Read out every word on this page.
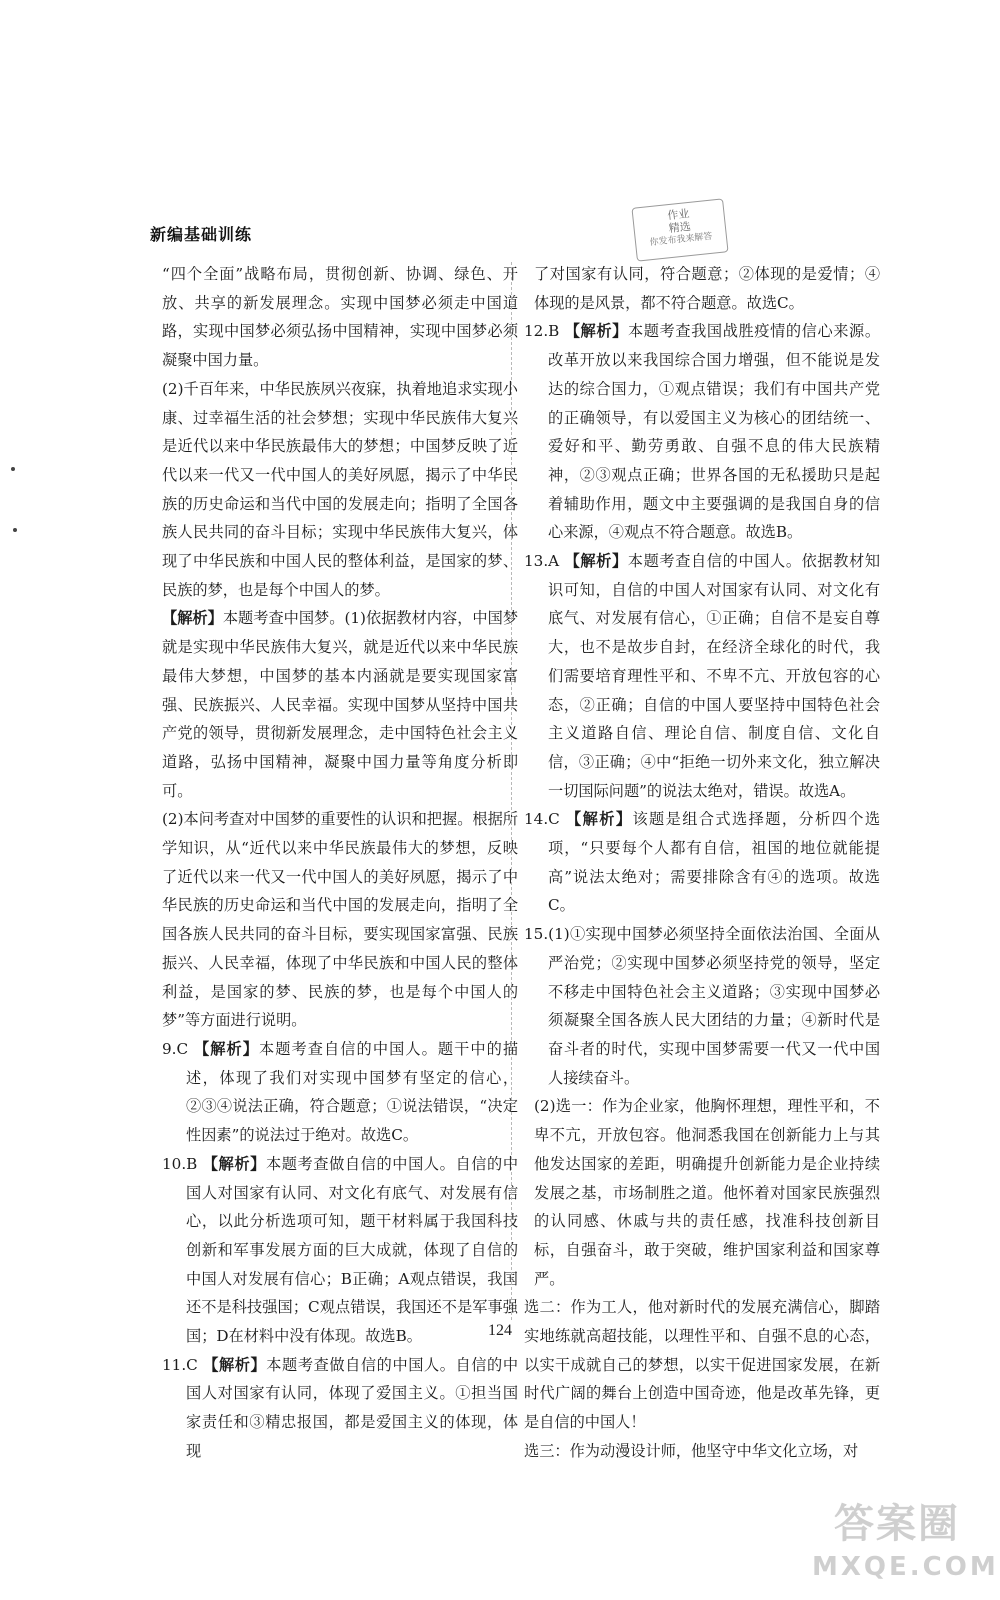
新编基础训练
作业
精选
你发布我来解答

“四个全面”战略布局，贯彻创新、协调、绿色、开放、共享的新发展理念。实现中国梦必须走中国道路，实现中国梦必须弘扬中国精神，实现中国梦必须凝聚中国力量。

(2)千百年来，中华民族夙兴夜寐，执着地追求实现小康、过幸福生活的社会梦想；实现中华民族伟大复兴是近代以来中华民族最伟大的梦想；中国梦反映了近代以来一代又一代中国人的美好夙愿，揭示了中华民族的历史命运和当代中国的发展走向；指明了全国各族人民共同的奋斗目标；实现中华民族伟大复兴，体现了中华民族和中国人民的整体利益，是国家的梦、民族的梦，也是每个中国人的梦。

【解析】本题考查中国梦。(1)依据教材内容，中国梦就是实现中华民族伟大复兴，就是近代以来中华民族最伟大梦想，中国梦的基本内涵就是要实现国家富强、民族振兴、人民幸福。实现中国梦从坚持中国共产党的领导，贯彻新发展理念，走中国特色社会主义道路，弘扬中国精神，凝聚中国力量等角度分析即可。

(2)本问考查对中国梦的重要性的认识和把握。根据所学知识，从“近代以来中华民族最伟大的梦想，反映了近代以来一代又一代中国人的美好夙愿，揭示了中华民族的历史命运和当代中国的发展走向，指明了全国各族人民共同的奋斗目标，要实现国家富强、民族振兴、人民幸福，体现了中华民族和中国人民的整体利益，是国家的梦、民族的梦，也是每个中国人的梦”等方面进行说明。

9.C 【解析】本题考查自信的中国人。题干中的描述，体现了我们对实现中国梦有坚定的信心，②③④说法正确，符合题意；①说法错误，“决定性因素”的说法过于绝对。故选C。

10.B 【解析】本题考查做自信的中国人。自信的中国人对国家有认同、对文化有底气、对发展有信心，以此分析选项可知，题干材料属于我国科技创新和军事发展方面的巨大成就，体现了自信的中国人对发展有信心；B正确；A观点错误，我国还不是科技强国；C观点错误，我国还不是军事强国；D在材料中没有体现。故选B。

11.C 【解析】本题考查做自信的中国人。自信的中国人对国家有认同，体现了爱国主义。①担当国家责任和③精忠报国，都是爱国主义的体现，体现

了对国家有认同，符合题意；②体现的是爱情；④体现的是风景，都不符合题意。故选C。

12.B 【解析】本题考查我国战胜疫情的信心来源。改革开放以来我国综合国力增强，但不能说是发达的综合国力，①观点错误；我们有中国共产党的正确领导，有以爱国主义为核心的团结统一、爱好和平、勤劳勇敢、自强不息的伟大民族精神，②③观点正确；世界各国的无私援助只是起着辅助作用，题文中主要强调的是我国自身的信心来源，④观点不符合题意。故选B。

13.A 【解析】本题考查自信的中国人。依据教材知识可知，自信的中国人对国家有认同、对文化有底气、对发展有信心，①正确；自信不是妄自尊大，也不是故步自封，在经济全球化的时代，我们需要培育理性平和、不卑不亢、开放包容的心态，②正确；自信的中国人要坚持中国特色社会主义道路自信、理论自信、制度自信、文化自信，③正确；④中“拒绝一切外来文化，独立解决一切国际问题”的说法太绝对，错误。故选A。

14.C 【解析】该题是组合式选择题，分析四个选项，“只要每个人都有自信，祖国的地位就能提高”说法太绝对；需要排除含有④的选项。故选C。

15.(1)①实现中国梦必须坚持全面依法治国、全面从严治党；②实现中国梦必须坚持党的领导，坚定不移走中国特色社会主义道路；③实现中国梦必须凝聚全国各族人民大团结的力量；④新时代是奋斗者的时代，实现中国梦需要一代又一代中国人接续奋斗。

(2)选一：作为企业家，他胸怀理想，理性平和，不卑不亢，开放包容。他洞悉我国在创新能力上与其他发达国家的差距，明确提升创新能力是企业持续发展之基，市场制胜之道。他怀着对国家民族强烈的认同感、休戚与共的责任感，找准科技创新目标，自强奋斗，敢于突破，维护国家利益和国家尊严。

选二：作为工人，他对新时代的发展充满信心，脚踏实地练就高超技能，以理性平和、自强不息的心态，以实干成就自己的梦想，以实干促进国家发展，在新时代广阔的舞台上创造中国奇迹，他是改革先锋，更是自信的中国人！

选三：作为动漫设计师，他坚守中华文化立场，对

124
答案圈
MXQE.COM
